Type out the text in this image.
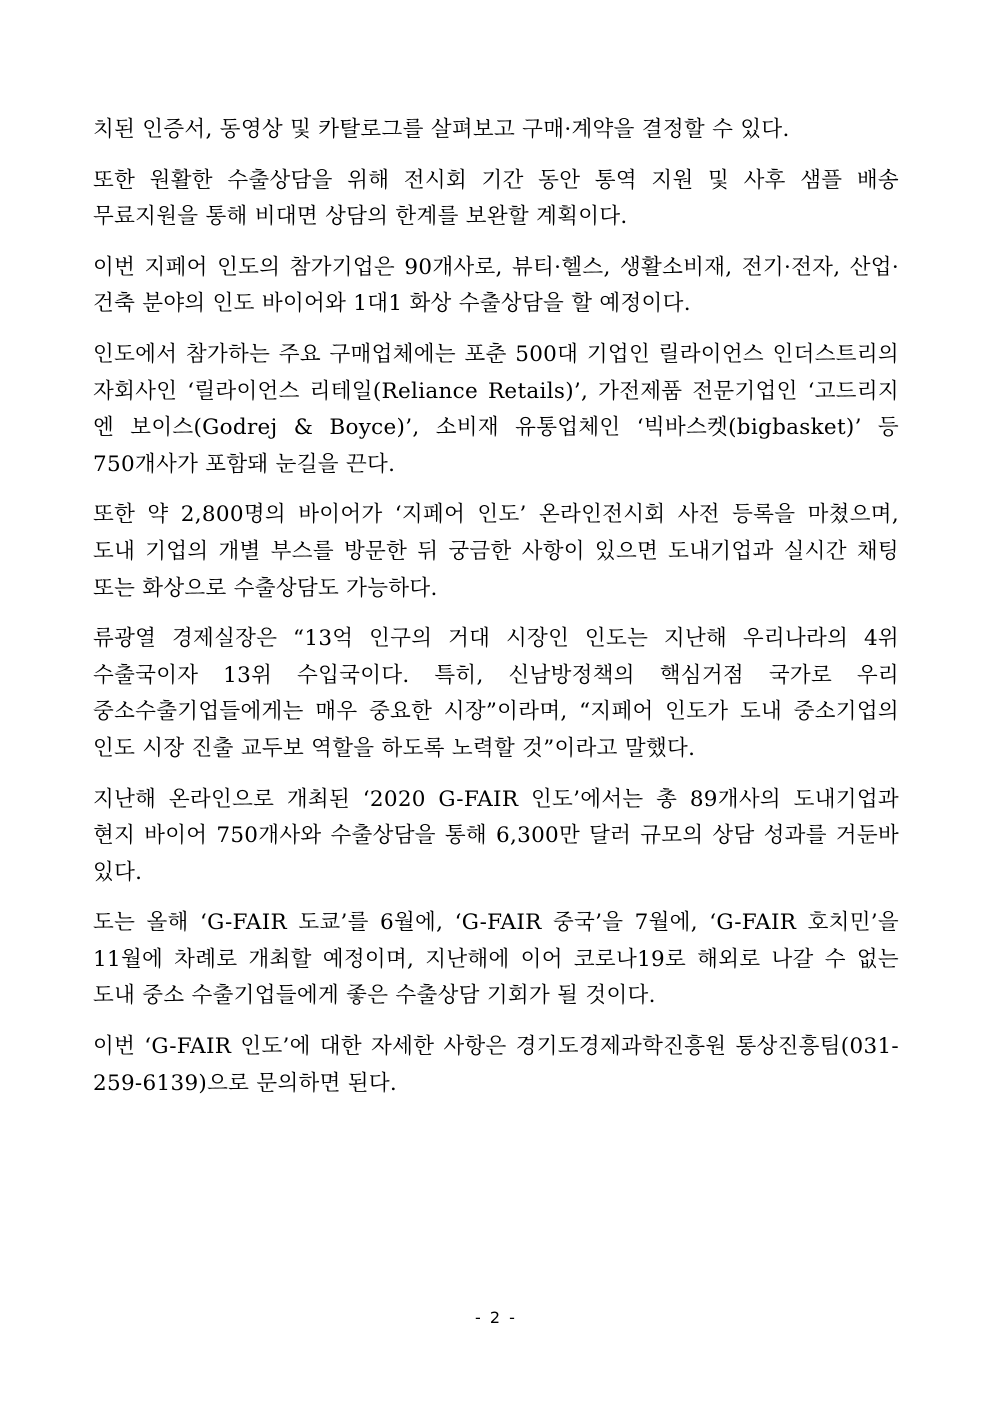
치된 인증서, 동영상 및 카탈로그를 살펴보고 구매·계약을 결정할 수 있다.

또한 원활한 수출상담을 위해 전시회 기간 동안 통역 지원 및 사후 샘플 배송 무료지원을 통해 비대면 상담의 한계를 보완할 계획이다.

이번 지페어 인도의 참가기업은 90개사로, 뷰티·헬스, 생활소비재, 전기·전자, 산업·건축 분야의 인도 바이어와 1대1 화상 수출상담을 할 예정이다.

인도에서 참가하는 주요 구매업체에는 포춘 500대 기업인 릴라이언스 인더스트리의 자회사인 ‘릴라이언스 리테일(Reliance Retails)’, 가전제품 전문기업인 ‘고드리지 엔 보이스(Godrej & Boyce)’, 소비재 유통업체인 ‘빅바스켓(bigbasket)’ 등 750개사가 포함돼 눈길을 끈다.

또한 약 2,800명의 바이어가 ‘지페어 인도’ 온라인전시회 사전 등록을 마쳤으며, 도내 기업의 개별 부스를 방문한 뒤 궁금한 사항이 있으면 도내기업과 실시간 채팅 또는 화상으로 수출상담도 가능하다.

류광열 경제실장은 “13억 인구의 거대 시장인 인도는 지난해 우리나라의 4위 수출국이자 13위 수입국이다. 특히, 신남방정책의 핵심거점 국가로 우리 중소수출기업들에게는 매우 중요한 시장”이라며, “지페어 인도가 도내 중소기업의 인도 시장 진출 교두보 역할을 하도록 노력할 것”이라고 말했다.

지난해 온라인으로 개최된 ‘2020 G-FAIR 인도’에서는 총 89개사의 도내기업과 현지 바이어 750개사와 수출상담을 통해 6,300만 달러 규모의 상담 성과를 거둔바 있다.

도는 올해 ‘G-FAIR 도쿄’를 6월에, ‘G-FAIR 중국’을 7월에, ‘G-FAIR 호치민’을 11월에 차례로 개최할 예정이며, 지난해에 이어 코로나19로 해외로 나갈 수 없는 도내 중소 수출기업들에게 좋은 수출상담 기회가 될 것이다.

이번 ‘G-FAIR 인도’에 대한 자세한 사항은 경기도경제과학진흥원 통상진흥팀(031-259-6139)으로 문의하면 된다.

- 2 -
